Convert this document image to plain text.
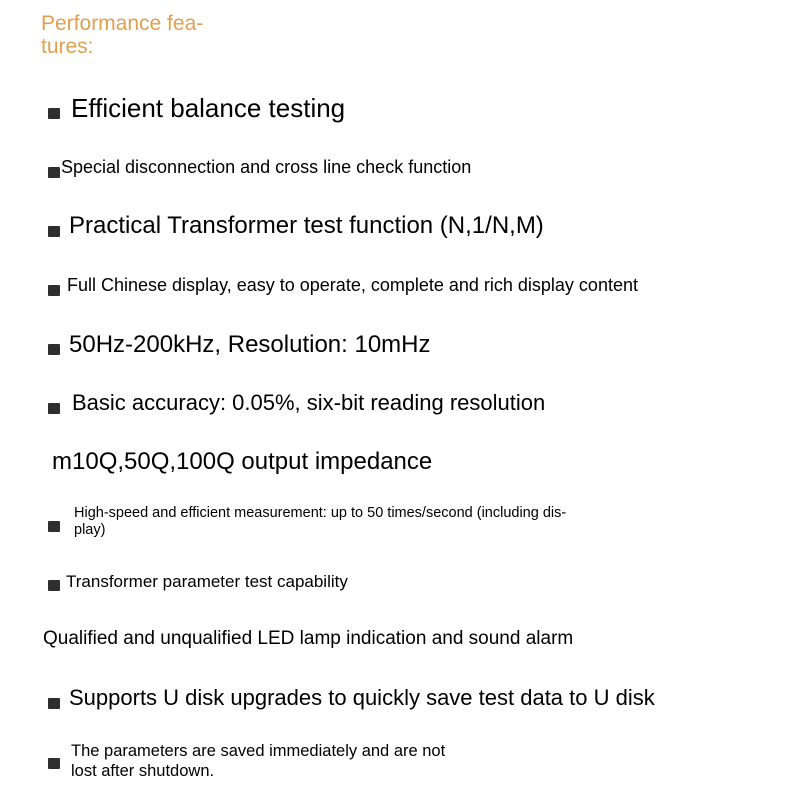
Performance fea-
tures:
Efficient balance testing
Special disconnection and cross line check function
Practical Transformer test function (N,1/N,M)
Full Chinese display, easy to operate, complete and rich display content
50Hz-200kHz, Resolution: 10mHz
Basic accuracy: 0.05%, six-bit reading resolution
m10Q,50Q,100Q output impedance
High-speed and efficient measurement: up to 50 times/second (including dis-
play)
Transformer parameter test capability
Qualified and unqualified LED lamp indication and sound alarm
Supports U disk upgrades to quickly save test data to U disk
The parameters are saved immediately and are not
lost after shutdown.
